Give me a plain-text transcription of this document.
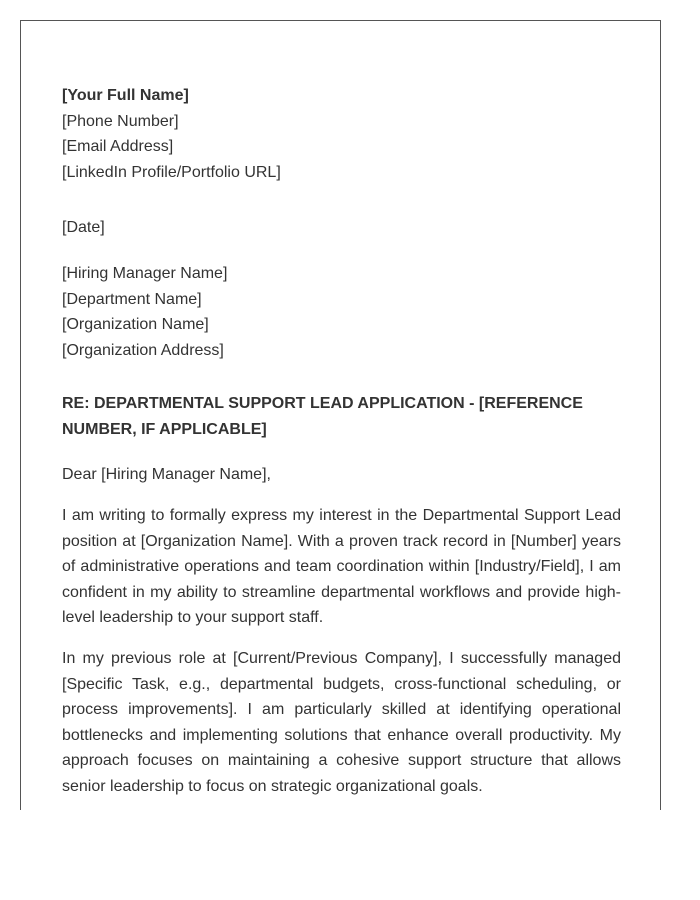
[Your Full Name]

[Phone Number]

[Email Address]

[LinkedIn Profile/Portfolio URL]

[Date]

[Hiring Manager Name]

[Department Name]

[Organization Name]

[Organization Address]

RE: DEPARTMENTAL SUPPORT LEAD APPLICATION - [REFERENCE NUMBER, IF APPLICABLE]
Dear [Hiring Manager Name],

I am writing to formally express my interest in the Departmental Support Lead position at [Organization Name]. With a proven track record in [Number] years of administrative operations and team coordination within [Industry/Field], I am confident in my ability to streamline departmental workflows and provide high-level leadership to your support staff.

In my previous role at [Current/Previous Company], I successfully managed [Specific Task, e.g., departmental budgets, cross-functional scheduling, or process improvements]. I am particularly skilled at identifying operational bottlenecks and implementing solutions that enhance overall productivity. My approach focuses on maintaining a cohesive support structure that allows senior leadership to focus on strategic organizational goals.
